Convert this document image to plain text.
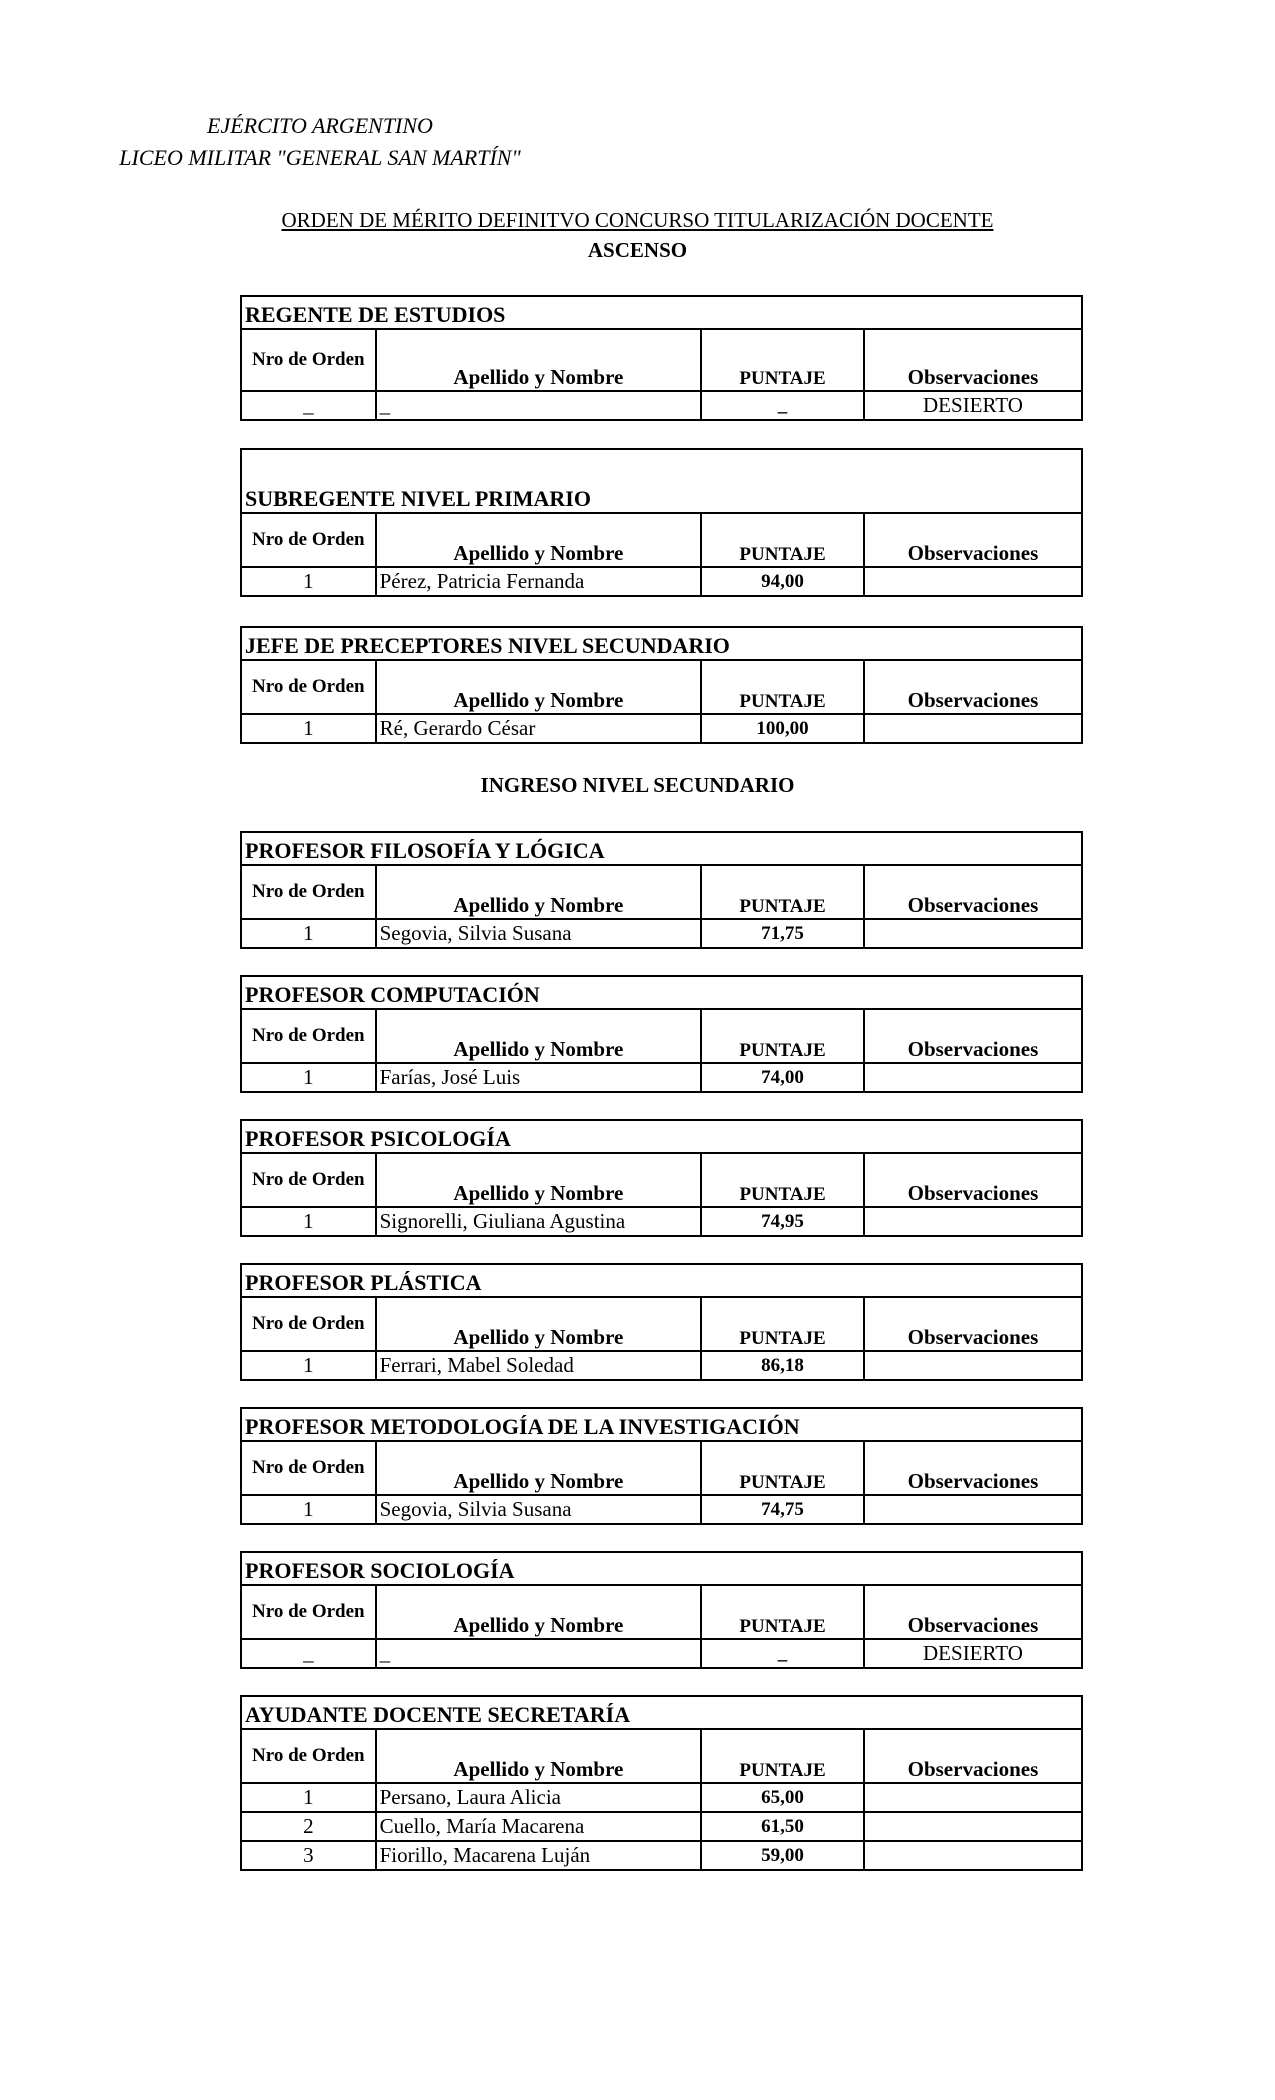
EJÉRCITO ARGENTINO
LICEO MILITAR "GENERAL SAN MARTÍN"
ORDEN DE MÉRITO DEFINITVO CONCURSO TITULARIZACIÓN DOCENTE
ASCENSO
INGRESO NIVEL SECUNDARIO
REGENTE DE ESTUDIOS			
Nro de Orden	Apellido y Nombre	PUNTAJE	Observaciones
_	_	_	DESIERTO
SUBREGENTE NIVEL PRIMARIO			
Nro de Orden	Apellido y Nombre	PUNTAJE	Observaciones
1	Pérez, Patricia Fernanda	94,00	
JEFE DE PRECEPTORES NIVEL SECUNDARIO			
Nro de Orden	Apellido y Nombre	PUNTAJE	Observaciones
1	Ré, Gerardo César	100,00	
PROFESOR FILOSOFÍA Y LÓGICA			
Nro de Orden	Apellido y Nombre	PUNTAJE	Observaciones
1	Segovia, Silvia Susana	71,75	
PROFESOR COMPUTACIÓN			
Nro de Orden	Apellido y Nombre	PUNTAJE	Observaciones
1	Farías, José Luis	74,00	
PROFESOR PSICOLOGÍA			
Nro de Orden	Apellido y Nombre	PUNTAJE	Observaciones
1	Signorelli, Giuliana Agustina	74,95	
PROFESOR PLÁSTICA			
Nro de Orden	Apellido y Nombre	PUNTAJE	Observaciones
1	Ferrari, Mabel Soledad	86,18	
PROFESOR METODOLOGÍA DE LA INVESTIGACIÓN			
Nro de Orden	Apellido y Nombre	PUNTAJE	Observaciones
1	Segovia, Silvia Susana	74,75	
PROFESOR SOCIOLOGÍA			
Nro de Orden	Apellido y Nombre	PUNTAJE	Observaciones
_	_	_	DESIERTO
AYUDANTE DOCENTE SECRETARÍA			
Nro de Orden	Apellido y Nombre	PUNTAJE	Observaciones
1	Persano, Laura Alicia	65,00	
2	Cuello, María Macarena	61,50	
3	Fiorillo, Macarena Luján	59,00	
